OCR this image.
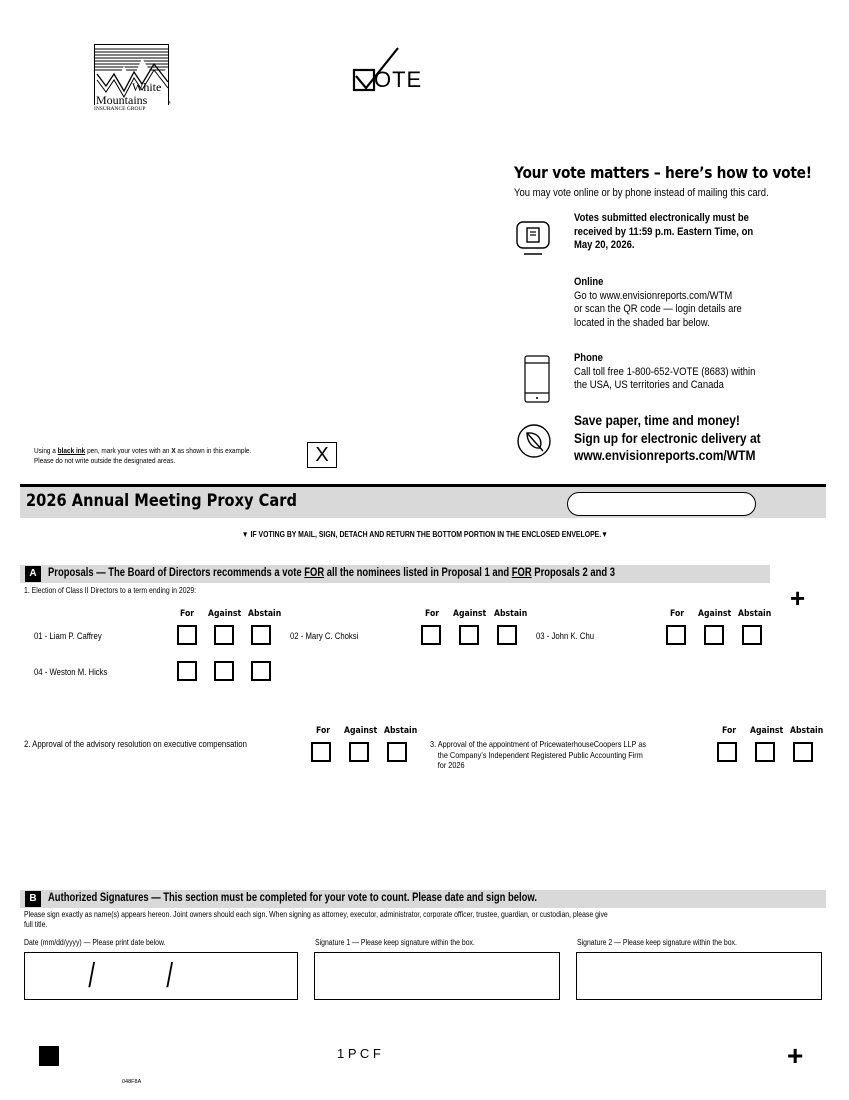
White
Mountains	®
INSURANCE GROUP
OTE
Your vote matters – here’s how to vote!
You may vote online or by phone instead of mailing this card.
Votes submitted electronically must be
received by 11:59 p.m. Eastern Time, on
May 20, 2026.
Online
Go to www.envisionreports.com/WTM
or scan the QR code — login details are
located in the shaded bar below.
Phone
Call toll free 1-800-652-VOTE (8683) within
the USA, US territories and Canada
Save paper, time and money!
Sign up for electronic delivery at
www.envisionreports.com/WTM
Using a black ink pen, mark your votes with an X as shown in this example.
Please do not write outside the designated areas.	X
2026 Annual Meeting Proxy Card
▼ IF VOTING BY MAIL, SIGN, DETACH AND RETURN THE BOTTOM PORTION IN THE ENCLOSED ENVELOPE.▼
A Proposals — The Board of Directors recommends a vote FOR all the nominees listed in Proposal 1 and FOR Proposals 2 and 3
+
1. Election of Class II Directors to a term ending in 2029:
For Against Abstain	For Against Abstain	For Against Abstain
01 - Liam P. Caffrey	02 - Mary C. Choksi	03 - John K. Chu
04 - Weston M. Hicks
2. Approval of the advisory resolution on executive compensation
For Against Abstain
3. Approval of the appointment of PricewaterhouseCoopers LLP as
the Company’s Independent Registered Public Accounting Firm
for 2026
For Against Abstain
B Authorized Signatures — This section must be completed for your vote to count. Please date and sign below.
Please sign exactly as name(s) appears hereon. Joint owners should each sign. When signing as attorney, executor, administrator, corporate officer, trustee, guardian, or custodian, please give
full title.
Date (mm/dd/yyyy) — Please print date below.	Signature 1 — Please keep signature within the box.	Signature 2 — Please keep signature within the box.
/ /
1 P C F	+
048F8A
